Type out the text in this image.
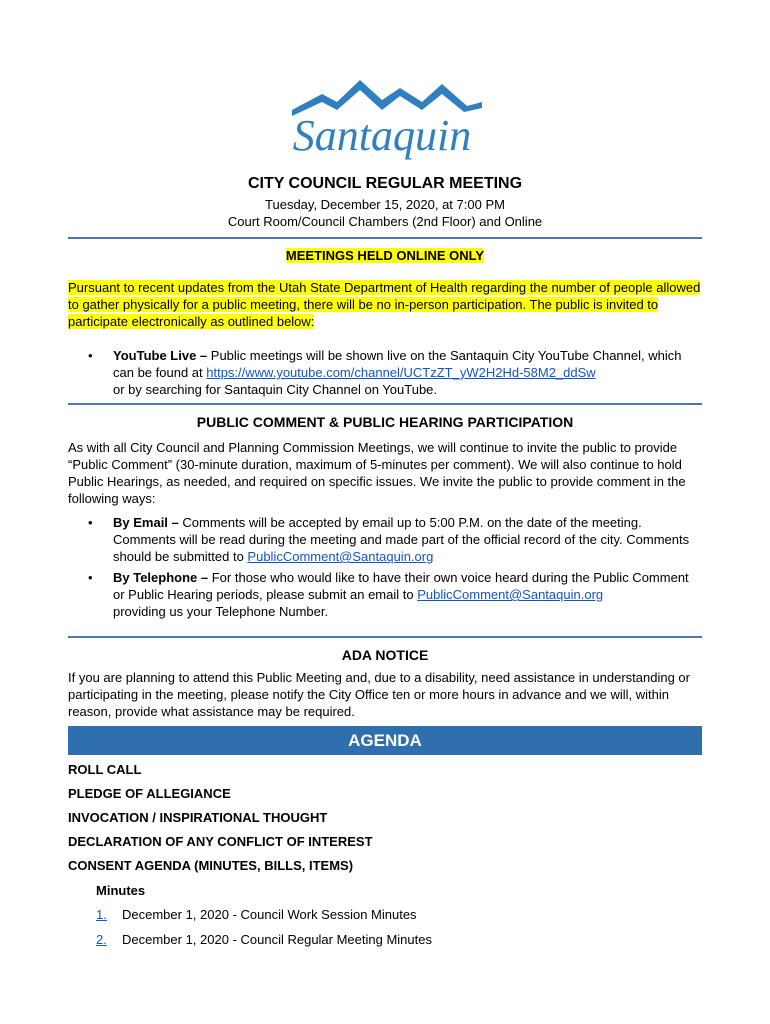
Santaquin
CITY COUNCIL REGULAR MEETING
Tuesday, December 15, 2020, at 7:00 PM
Court Room/Council Chambers (2nd Floor) and Online
MEETINGS HELD ONLINE ONLY
Pursuant to recent updates from the Utah State Department of Health regarding the number of people allowed to gather physically for a public meeting, there will be no in-person participation. The public is invited to participate electronically as outlined below:
• YouTube Live – Public meetings will be shown live on the Santaquin City YouTube Channel, which can be found at https://www.youtube.com/channel/UCTzZT_yW2H2Hd-58M2_ddSw
or by searching for Santaquin City Channel on YouTube.
PUBLIC COMMENT & PUBLIC HEARING PARTICIPATION
As with all City Council and Planning Commission Meetings, we will continue to invite the public to provide “Public Comment” (30-minute duration, maximum of 5-minutes per comment). We will also continue to hold Public Hearings, as needed, and required on specific issues. We invite the public to provide comment in the following ways:
• By Email – Comments will be accepted by email up to 5:00 P.M. on the date of the meeting. Comments will be read during the meeting and made part of the official record of the city. Comments should be submitted to PublicComment@Santaquin.org
• By Telephone – For those who would like to have their own voice heard during the Public Comment or Public Hearing periods, please submit an email to PublicComment@Santaquin.org
providing us your Telephone Number.
ADA NOTICE
If you are planning to attend this Public Meeting and, due to a disability, need assistance in understanding or participating in the meeting, please notify the City Office ten or more hours in advance and we will, within reason, provide what assistance may be required.
AGENDA
ROLL CALL
PLEDGE OF ALLEGIANCE
INVOCATION / INSPIRATIONAL THOUGHT
DECLARATION OF ANY CONFLICT OF INTEREST
CONSENT AGENDA (MINUTES, BILLS, ITEMS)
Minutes
1. December 1, 2020 - Council Work Session Minutes
2. December 1, 2020 - Council Regular Meeting Minutes
